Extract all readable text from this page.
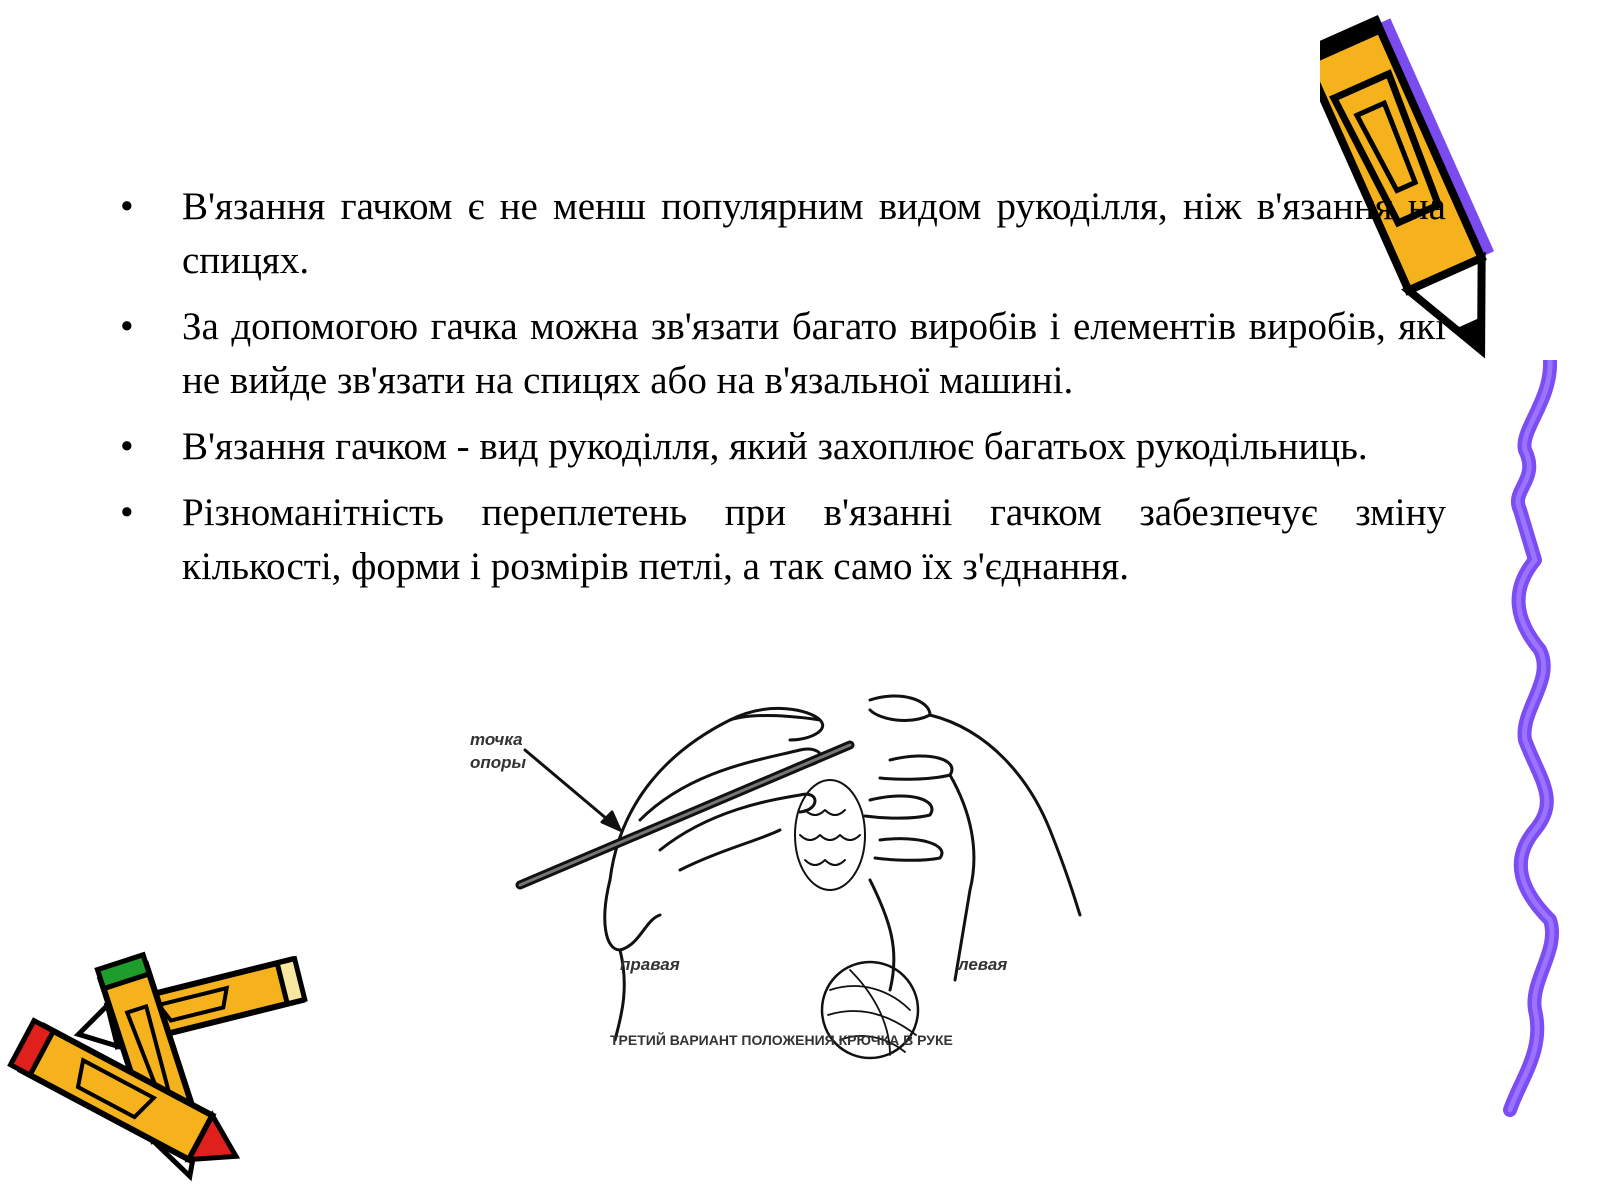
• В'язання гачком є не менш популярним видом рукоділля, ніж в'язання на спицях.
• За допомогою гачка можна зв'язати багато виробів і елементів виробів, які не вийде зв'язати на спицях або на в'язальної машині.
• В'язання гачком - вид рукоділля, який захоплює багатьох рукодільниць.
• Різноманітність переплетень при в'язанні гачком забезпечує зміну кількості, форми і розмірів петлі, а так само їх з'єднання.
точка
опоры
правая	левая
ТРЕТИЙ ВАРИАНТ ПОЛОЖЕНИЯ КРЮЧКА В РУКЕ
